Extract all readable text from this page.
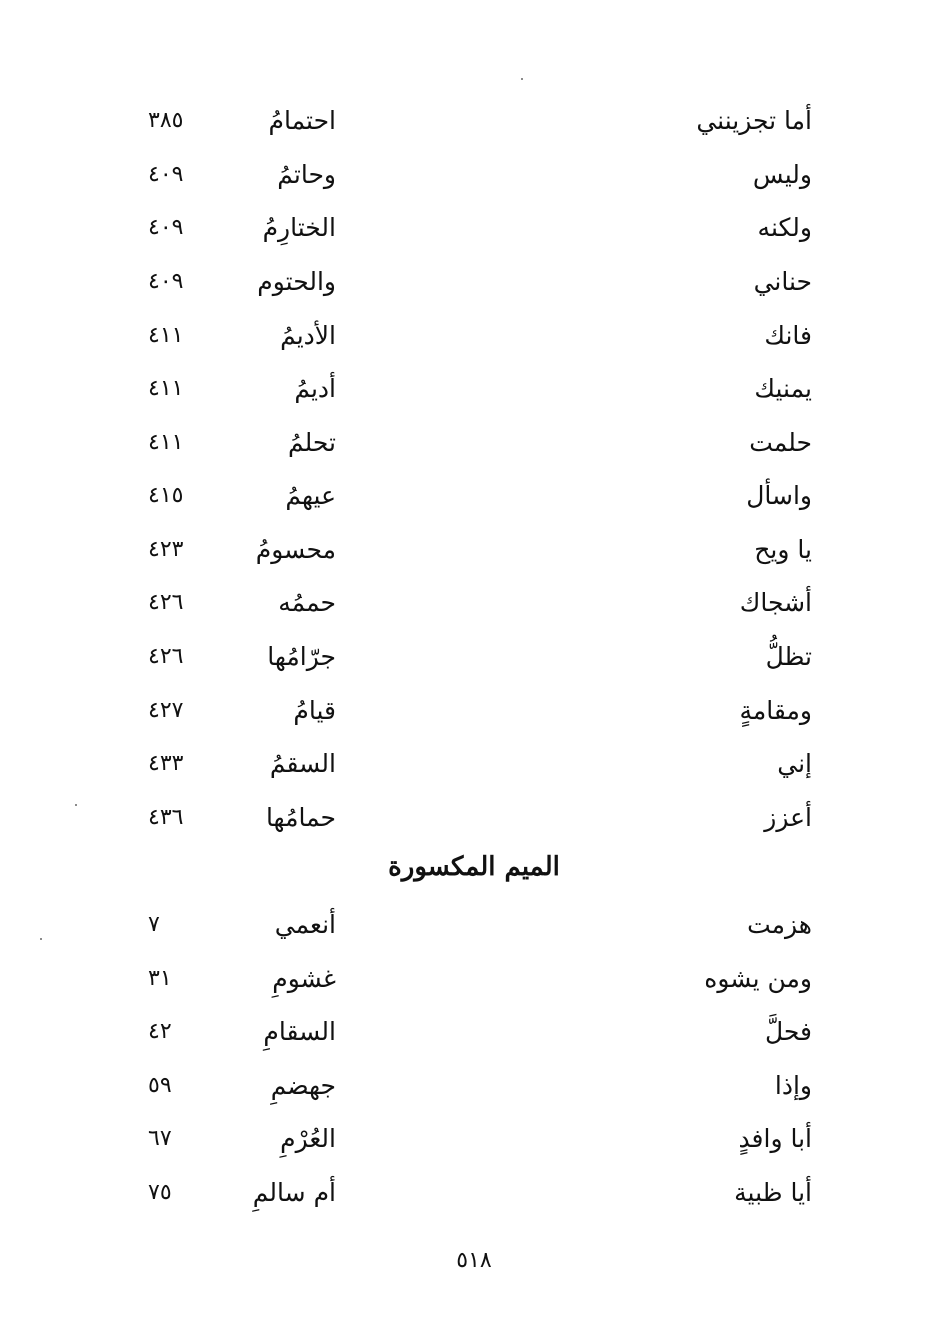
أما تجزينني
احتمامُ
٣٨٥
وليس
وحاتمُ
٤٠٩
ولكنه
الختارِمُ
٤٠٩
حناني
والحتوم
٤٠٩
فانك
الأديمُ
٤١١
يمنيك
أديمُ
٤١١
حلمت
تحلمُ
٤١١
واسأل
عيهمُ
٤١٥
يا ويح
محسومُ
٤٢٣
أشجاك
حممُه
٤٢٦
تظلُّ
جرّامُها
٤٢٦
ومقامةٍ
قيامُ
٤٢٧
إني
السقمُ
٤٣٣
أعزز
حمامُها
٤٣٦
الميم المكسورة
هزمت
أنعمي
٧
ومن يشوه
غشومِ
٣١
فحلَّ
السقامِ
٤٢
وإذا
جهضمِ
٥٩
أبا وافدٍ
العُرْمِ
٦٧
أيا ظبية
أم سالمِ
٧٥
٥١٨
